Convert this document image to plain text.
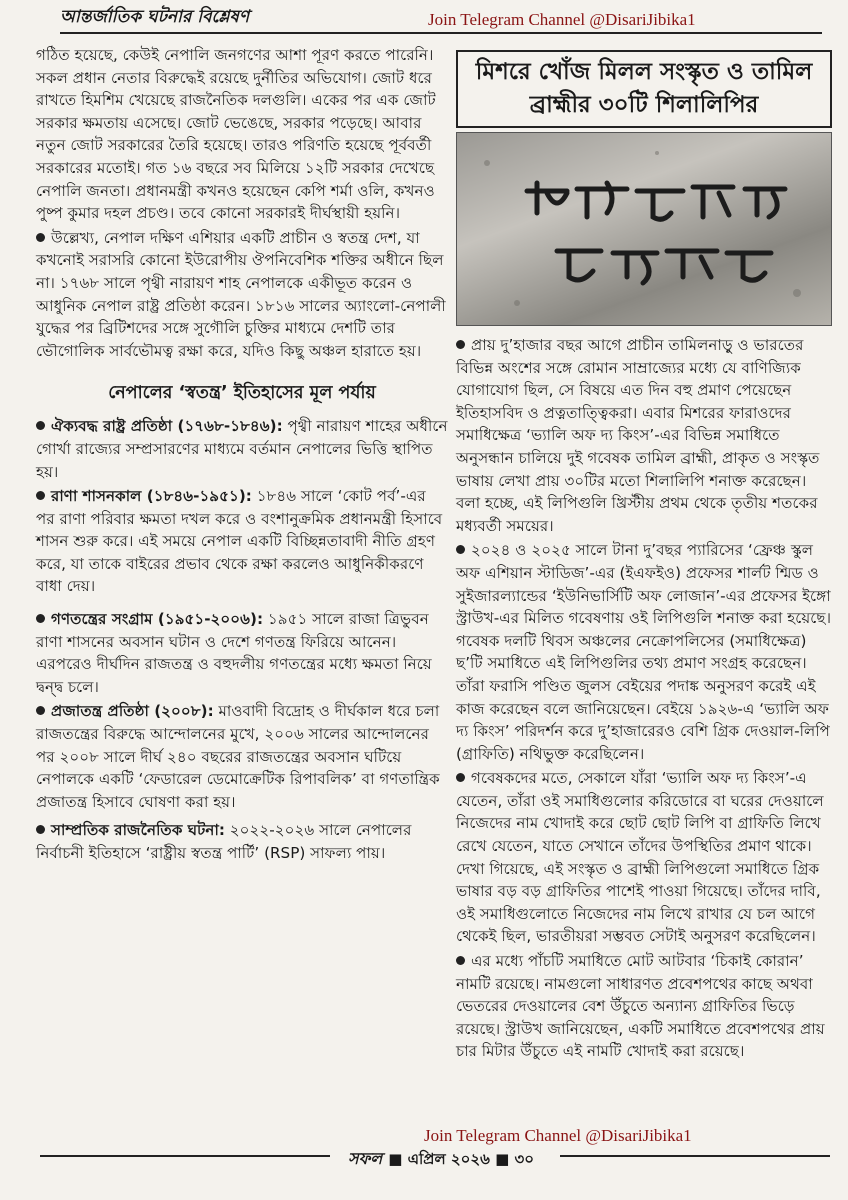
আন্তর্জাতিক ঘটনার বিশ্লেষণ	Join Telegram Channel @DisariJibika1

গঠিত হয়েছে, কেউই নেপালি জনগণের আশা পূরণ করতে পারেনি। সকল প্রধান নেতার বিরুদ্ধেই রয়েছে দুর্নীতির অভিযোগ। জোট ধরে রাখতে হিমশিম খেয়েছে রাজনৈতিক দলগুলি। একের পর এক জোট সরকার ক্ষমতায় এসেছে। জোট ভেঙেছে, সরকার পড়েছে। আবার নতুন জোট সরকারের তৈরি হয়েছে। তারও পরিণতি হয়েছে পূর্ববর্তী সরকারের মতোই। গত ১৬ বছরে সব মিলিয়ে ১২টি সরকার দেখেছে নেপালি জনতা। প্রধানমন্ত্রী কখনও হয়েছেন কেপি শর্মা ওলি, কখনও পুষ্প কুমার দহল প্রচণ্ড। তবে কোনো সরকারই দীর্ঘস্থায়ী হয়নি।

উল্লেখ্য, নেপাল দক্ষিণ এশিয়ার একটি প্রাচীন ও স্বতন্ত্র দেশ, যা কখনোই সরাসরি কোনো ইউরোপীয় ঔপনিবেশিক শক্তির অধীনে ছিল না। ১৭৬৮ সালে পৃথ্বী নারায়ণ শাহ নেপালকে একীভূত করেন ও আধুনিক নেপাল রাষ্ট্র প্রতিষ্ঠা করেন। ১৮১৬ সালের অ্যাংলো-নেপালী যুদ্ধের পর ব্রিটিশদের সঙ্গে সুগৌলি চুক্তির মাধ্যমে দেশটি তার ভৌগোলিক সার্বভৌমত্ব রক্ষা করে, যদিও কিছু অঞ্চল হারাতে হয়।

নেপালের ‘স্বতন্ত্র’ ইতিহাসের মূল পর্যায়

ঐক্যবদ্ধ রাষ্ট্র প্রতিষ্ঠা (১৭৬৮-১৮৪৬): পৃথ্বী নারায়ণ শাহের অধীনে গোর্খা রাজ্যের সম্প্রসারণের মাধ্যমে বর্তমান নেপালের ভিত্তি স্থাপিত হয়।

রাণা শাসনকাল (১৮৪৬-১৯৫১): ১৮৪৬ সালে ‘কোট পর্ব’-এর পর রাণা পরিবার ক্ষমতা দখল করে ও বংশানুক্রমিক প্রধানমন্ত্রী হিসাবে শাসন শুরু করে। এই সময়ে নেপাল একটি বিচ্ছিন্নতাবাদী নীতি গ্রহণ করে, যা তাকে বাইরের প্রভাব থেকে রক্ষা করলেও আধুনিকীকরণে বাধা দেয়।

গণতন্ত্রের সংগ্রাম (১৯৫১-২০০৬): ১৯৫১ সালে রাজা ত্রিভুবন রাণা শাসনের অবসান ঘটান ও দেশে গণতন্ত্র ফিরিয়ে আনেন। এরপরেও দীর্ঘদিন রাজতন্ত্র ও বহুদলীয় গণতন্ত্রের মধ্যে ক্ষমতা নিয়ে দ্বন্দ্ব চলে।

প্রজাতন্ত্র প্রতিষ্ঠা (২০০৮): মাওবাদী বিদ্রোহ ও দীর্ঘকাল ধরে চলা রাজতন্ত্রের বিরুদ্ধে আন্দোলনের মুখে, ২০০৬ সালের আন্দোলনের পর ২০০৮ সালে দীর্ঘ ২৪০ বছরের রাজতন্ত্রের অবসান ঘটিয়ে নেপালকে একটি ‘ফেডারেল ডেমোক্রেটিক রিপাবলিক’ বা গণতান্ত্রিক প্রজাতন্ত্র হিসাবে ঘোষণা করা হয়।

সাম্প্রতিক রাজনৈতিক ঘটনা: ২০২২-২০২৬ সালে নেপালের নির্বাচনী ইতিহাসে ‘রাষ্ট্রীয় স্বতন্ত্র পার্টি’ (RSP) সাফল্য পায়।

মিশরে খোঁজ মিলল সংস্কৃত ও তামিল ব্রাহ্মীর ৩০টি শিলালিপির

প্রায় দু’হাজার বছর আগে প্রাচীন তামিলনাড়ু ও ভারতের বিভিন্ন অংশের সঙ্গে রোমান সাম্রাজ্যের মধ্যে যে বাণিজ্যিক যোগাযোগ ছিল, সে বিষয়ে এত দিন বহু প্রমাণ পেয়েছেন ইতিহাসবিদ ও প্রত্নতাত্ত্বিকরা। এবার মিশরের ফারাওদের সমাধিক্ষেত্র ‘ভ্যালি অফ দ্য কিংস’-এর বিভিন্ন সমাধিতে অনুসন্ধান চালিয়ে দুই গবেষক তামিল ব্রাহ্মী, প্রাকৃত ও সংস্কৃত ভাষায় লেখা প্রায় ৩০টির মতো শিলালিপি শনাক্ত করেছেন। বলা হচ্ছে, এই লিপিগুলি খ্রিস্টীয় প্রথম থেকে তৃতীয় শতকের মধ্যবর্তী সময়ের।

২০২৪ ও ২০২৫ সালে টানা দু’বছর প্যারিসের ‘ফ্রেঞ্চ স্কুল অফ এশিয়ান স্টাডিজ’-এর (ইএফইও) প্রফেসর শার্লট শ্মিড ও সুইজারল্যান্ডের ‘ইউনিভার্সিটি অফ লোজান’-এর প্রফেসর ইঙ্গো স্ট্রাউখ-এর মিলিত গবেষণায় ওই লিপিগুলি শনাক্ত করা হয়েছে। গবেষক দলটি থিবস অঞ্চলের নেক্রোপলিসের (সমাধিক্ষেত্র) ছ’টি সমাধিতে এই লিপিগুলির তথ্য প্রমাণ সংগ্রহ করেছেন। তাঁরা ফরাসি পণ্ডিত জুলস বেইয়ের পদাঙ্ক অনুসরণ করেই এই কাজ করেছেন বলে জানিয়েছেন। বেইয়ে ১৯২৬-এ ‘ভ্যালি অফ দ্য কিংস’ পরিদর্শন করে দু’হাজারেরও বেশি গ্রিক দেওয়াল-লিপি (গ্রাফিতি) নথিভুক্ত করেছিলেন।

গবেষকদের মতে, সেকালে যাঁরা ‘ভ্যালি অফ দ্য কিংস’-এ যেতেন, তাঁরা ওই সমাধিগুলোর করিডোরে বা ঘরের দেওয়ালে নিজেদের নাম খোদাই করে ছোট ছোট লিপি বা গ্রাফিতি লিখে রেখে যেতেন, যাতে সেখানে তাঁদের উপস্থিতির প্রমাণ থাকে। দেখা গিয়েছে, এই সংস্কৃত ও ব্রাহ্মী লিপিগুলো সমাধিতে গ্রিক ভাষার বড় বড় গ্রাফিতির পাশেই পাওয়া গিয়েছে। তাঁদের দাবি, ওই সমাধিগুলোতে নিজেদের নাম লিখে রাখার যে চল আগে থেকেই ছিল, ভারতীয়রা সম্ভবত সেটাই অনুসরণ করেছিলেন।

এর মধ্যে পাঁচটি সমাধিতে মোট আটবার ‘চিকাই কোরান’ নামটি রয়েছে। নামগুলো সাধারণত প্রবেশপথের কাছে অথবা ভেতরের দেওয়ালের বেশ উঁচুতে অন্যান্য গ্রাফিতির ভিড়ে রয়েছে। স্ট্রাউখ জানিয়েছেন, একটি সমাধিতে প্রবেশপথের প্রায় চার মিটার উঁচুতে এই নামটি খোদাই করা রয়েছে।

Join Telegram Channel @DisariJibika1
সফল ■ এপ্রিল ২০২৬ ■ ৩০
